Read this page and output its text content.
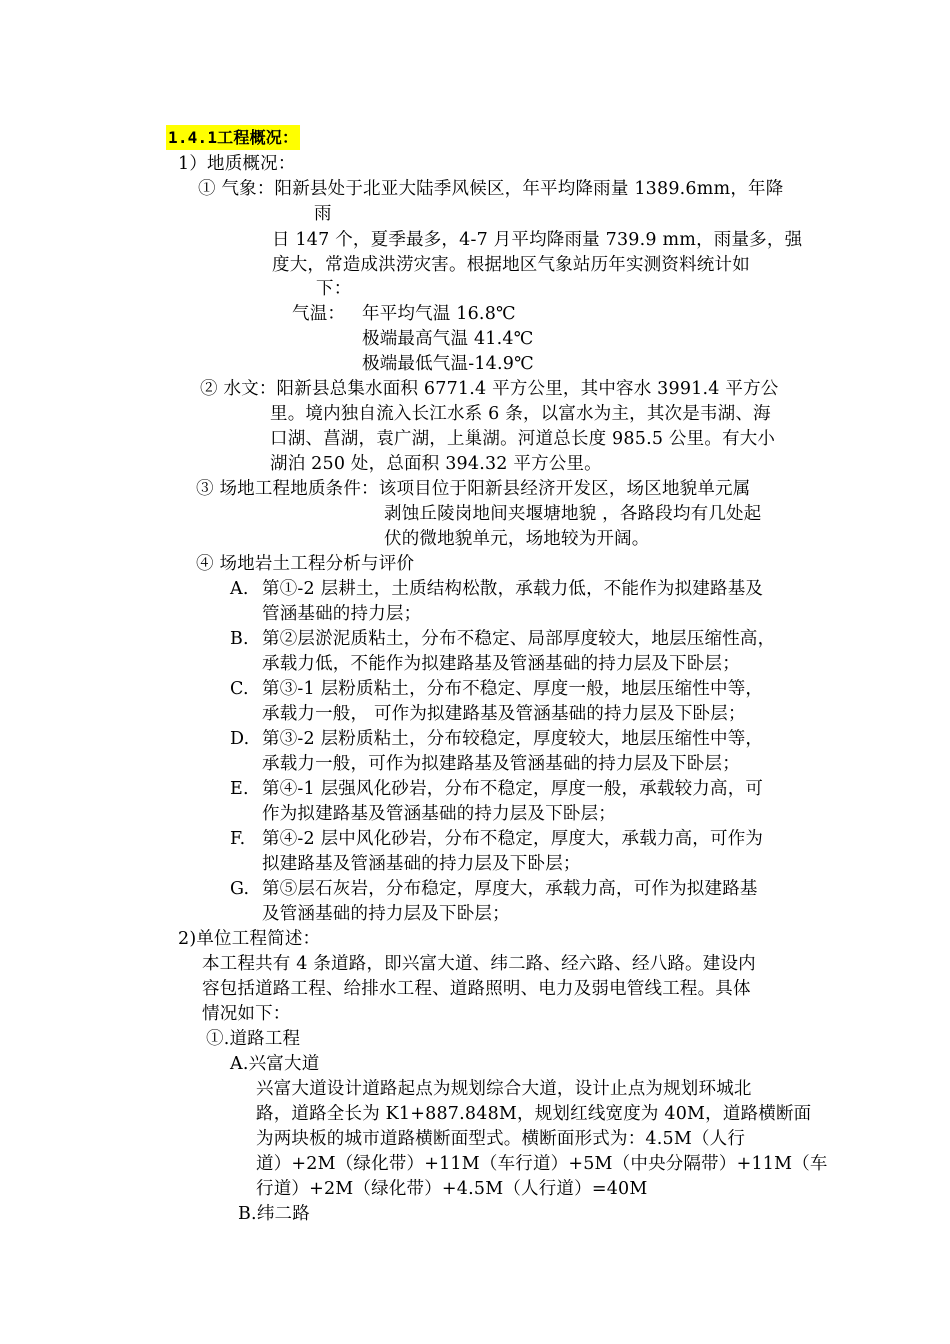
1.4.1工程概况：
1）地质概况：
① 气象：阳新县处于北亚大陆季风候区，年平均降雨量 1389.6mm，年降
雨
日 147 个，夏季最多，4-7 月平均降雨量 739.9 mm，雨量多，强
度大，常造成洪涝灾害。根据地区气象站历年实测资料统计如
下：
气温： 年平均气温 16.8℃
极端最高气温 41.4℃
极端最低气温-14.9℃
② 水文：阳新县总集水面积 6771.4 平方公里，其中容水 3991.4 平方公
里。境内独自流入长江水系 6 条，以富水为主，其次是韦湖、海
口湖、菖湖，袁广湖，上巢湖。河道总长度 985.5 公里。有大小
湖泊 250 处，总面积 394.32 平方公里。
③ 场地工程地质条件：该项目位于阳新县经济开发区，场区地貌单元属
剥蚀丘陵岗地间夹堰塘地貌 ，各路段均有几处起
伏的微地貌单元，场地较为开阔。
④ 场地岩土工程分析与评价
A. 第①-2 层耕土，土质结构松散，承载力低，不能作为拟建路基及
管涵基础的持力层；
B. 第②层淤泥质粘土，分布不稳定、局部厚度较大，地层压缩性高，
承载力低，不能作为拟建路基及管涵基础的持力层及下卧层；
C. 第③-1 层粉质粘土，分布不稳定、厚度一般，地层压缩性中等，
承载力一般， 可作为拟建路基及管涵基础的持力层及下卧层；
D. 第③-2 层粉质粘土，分布较稳定，厚度较大，地层压缩性中等，
承载力一般，可作为拟建路基及管涵基础的持力层及下卧层；
E. 第④-1 层强风化砂岩，分布不稳定，厚度一般，承载较力高，可
作为拟建路基及管涵基础的持力层及下卧层；
F. 第④-2 层中风化砂岩，分布不稳定，厚度大，承载力高，可作为
拟建路基及管涵基础的持力层及下卧层；
G. 第⑤层石灰岩，分布稳定，厚度大，承载力高，可作为拟建路基
及管涵基础的持力层及下卧层；
2)单位工程简述：
本工程共有 4 条道路，即兴富大道、纬二路、经六路、经八路。建设内
容包括道路工程、给排水工程、道路照明、电力及弱电管线工程。具体
情况如下：
①.道路工程
A.兴富大道
兴富大道设计道路起点为规划综合大道，设计止点为规划环城北
路，道路全长为 K1+887.848M，规划红线宽度为 40M，道路横断面
为两块板的城市道路横断面型式。横断面形式为：4.5M（人行
道）+2M（绿化带）+11M（车行道）+5M（中央分隔带）+11M（车
行道）+2M（绿化带）+4.5M（人行道）=40M
B.纬二路
